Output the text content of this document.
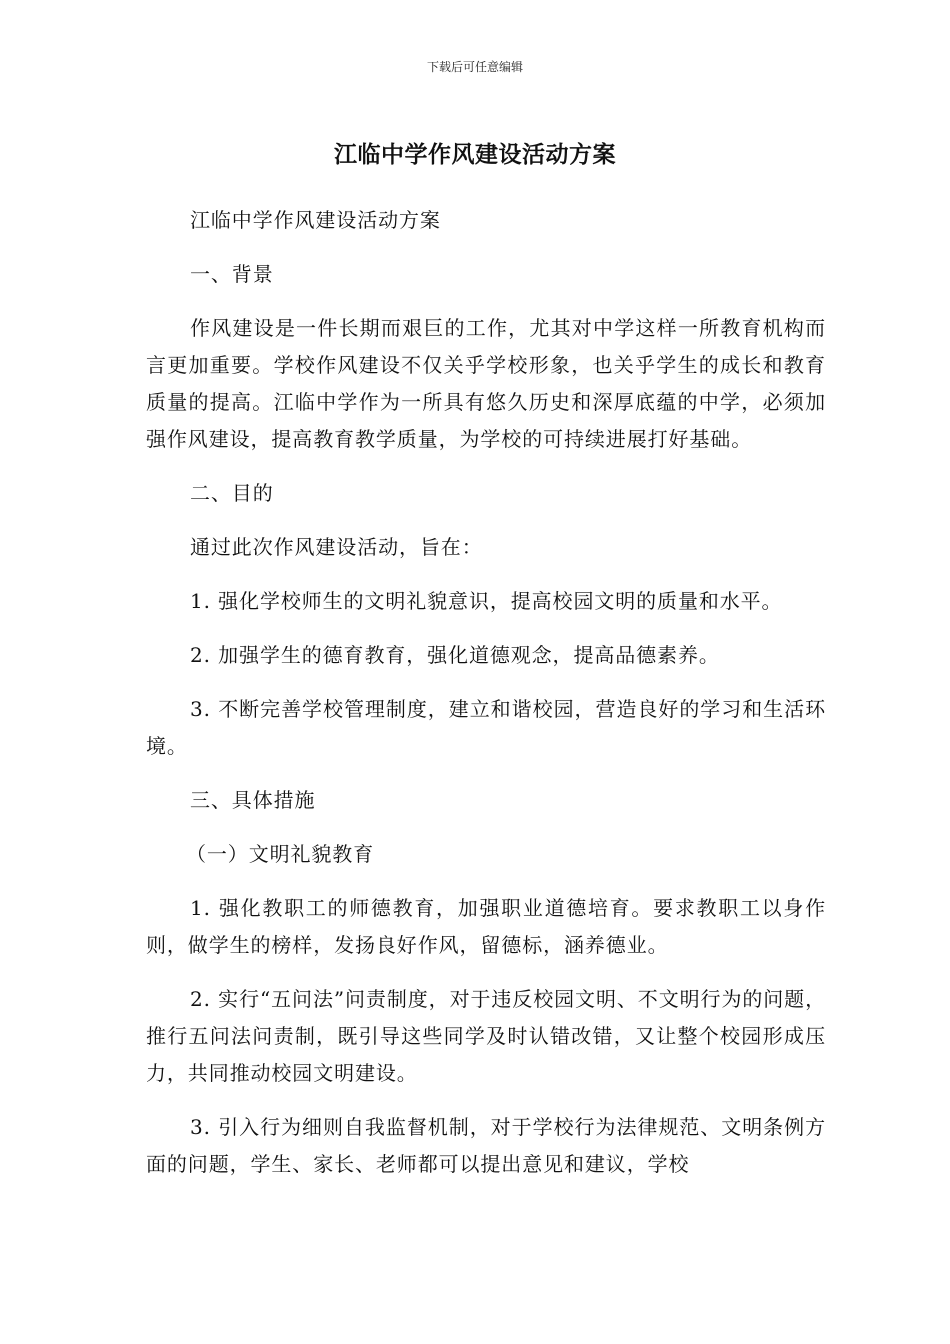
下载后可任意编辑
江临中学作风建设活动方案

江临中学作风建设活动方案

一、背景

作风建设是一件长期而艰巨的工作，尤其对中学这样一所教育机构而言更加重要。学校作风建设不仅关乎学校形象，也关乎学生的成长和教育质量的提高。江临中学作为一所具有悠久历史和深厚底蕴的中学，必须加强作风建设，提高教育教学质量，为学校的可持续进展打好基础。

二、目的

通过此次作风建设活动，旨在：

1. 强化学校师生的文明礼貌意识，提高校园文明的质量和水平。

2. 加强学生的德育教育，强化道德观念，提高品德素养。

3. 不断完善学校管理制度，建立和谐校园，营造良好的学习和生活环境。

三、具体措施

（一）文明礼貌教育

1. 强化教职工的师德教育，加强职业道德培育。要求教职工以身作则，做学生的榜样，发扬良好作风，留德标，涵养德业。

2. 实行“五问法”问责制度，对于违反校园文明、不文明行为的问题，推行五问法问责制，既引导这些同学及时认错改错，又让整个校园形成压力，共同推动校园文明建设。

3. 引入行为细则自我监督机制，对于学校行为法律规范、文明条例方面的问题，学生、家长、老师都可以提出意见和建议，学校
